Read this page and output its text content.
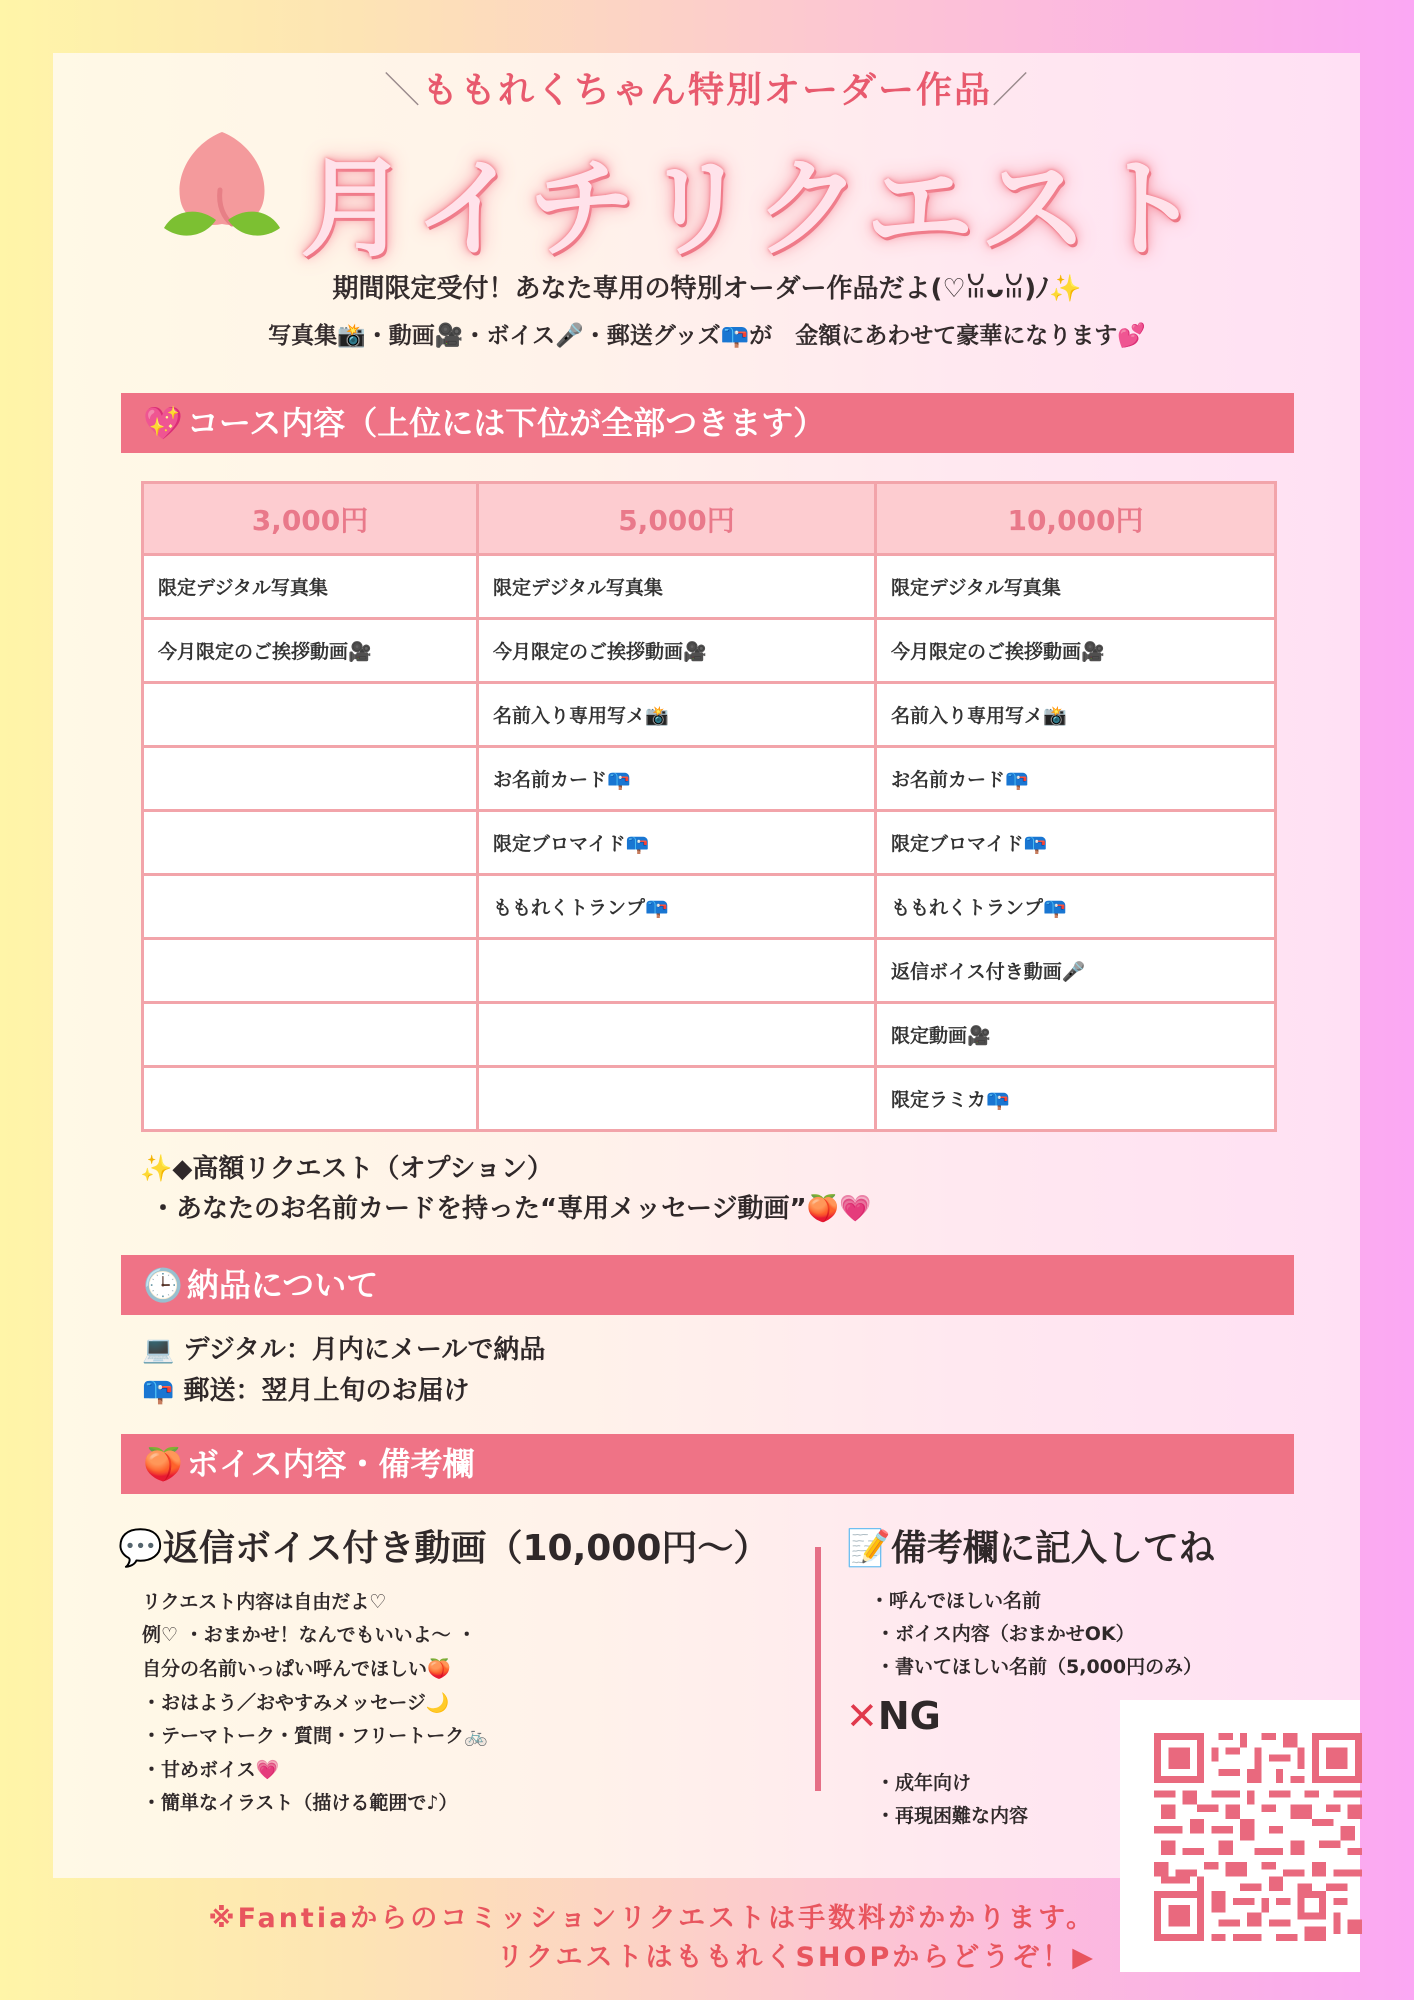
＼ももれくちゃん特別オーダー作品／
月イチリクエスト
期間限定受付！あなた専用の特別オーダー作品だよ(♡ꈍᴗꈍ)ﾉ✨
写真集📸・動画🎥・ボイス🎤・郵送グッズ📪が　金額にあわせて豪華になります💕
💖 コース内容（上位には下位が全部つきます）
3,000円	5,000円	10,000円
限定デジタル写真集	限定デジタル写真集	限定デジタル写真集
今月限定のご挨拶動画🎥	今月限定のご挨拶動画🎥	今月限定のご挨拶動画🎥
	名前入り専用写メ📸	名前入り専用写メ📸
	お名前カード📪	お名前カード📪
	限定ブロマイド📪	限定ブロマイド📪
	ももれくトランプ📪	ももれくトランプ📪
		返信ボイス付き動画🎤
		限定動画🎥
		限定ラミカ📪
✨◆高額リクエスト（オプション）
・あなたのお名前カードを持った“専用メッセージ動画”🍑💗
🕒 納品について
💻 デジタル：月内にメールで納品
📪 郵送：翌月上旬のお届け
🍑 ボイス内容・備考欄
💬返信ボイス付き動画（10,000円〜）
リクエスト内容は自由だよ♡
例♡ ・おまかせ！なんでもいいよ〜 ・
自分の名前いっぱい呼んでほしい🍑
・おはよう／おやすみメッセージ🌙
・テーマトーク・質問・フリートーク🚲
・甘めボイス💗
・簡単なイラスト（描ける範囲で♪）
📝備考欄に記入してね
・呼んでほしい名前
・ボイス内容（おまかせOK）
・書いてほしい名前（5,000円のみ）
✕NG
・成年向け
・再現困難な内容
※Fantiaからのコミッションリクエストは手数料がかかります。
リクエストはももれくSHOPからどうぞ！▶
